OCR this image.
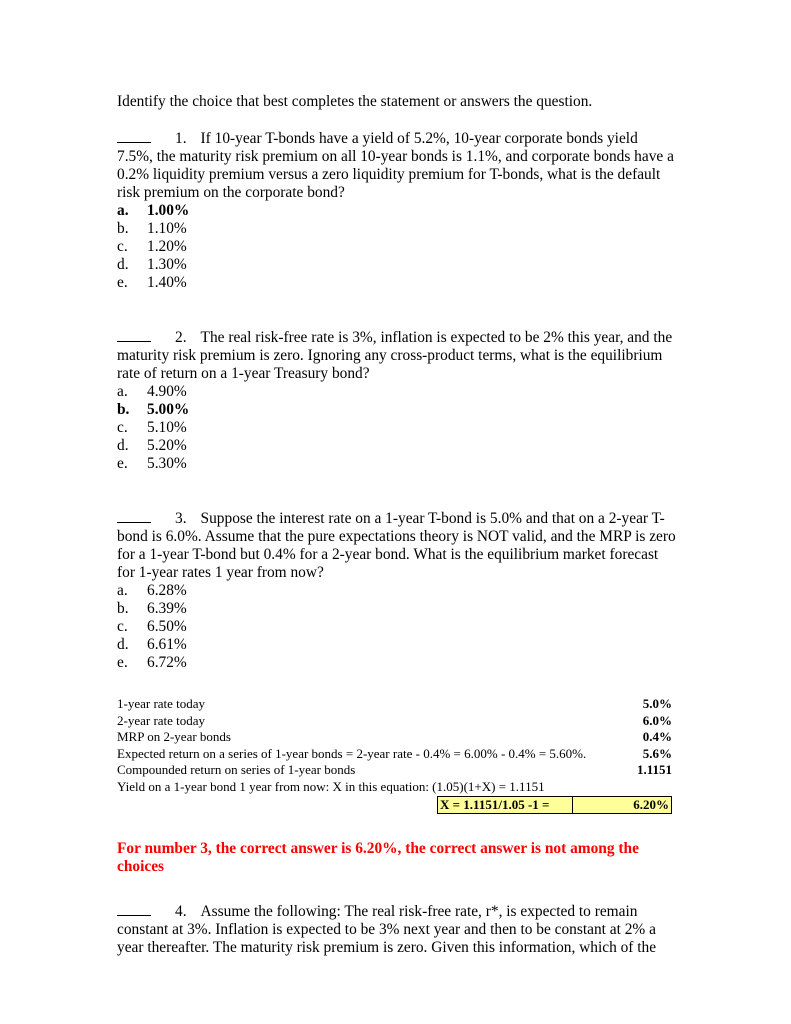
Identify the choice that best completes the statement or answers the question.

1. If 10-year T-bonds have a yield of 5.2%, 10-year corporate bonds yield 7.5%, the maturity risk premium on all 10-year bonds is 1.1%, and corporate bonds have a 0.2% liquidity premium versus a zero liquidity premium for T-bonds, what is the default risk premium on the corporate bond?

a.	1.00%
b.	1.10%
c.	1.20%
d.	1.30%
e.	1.40%

2. The real risk-free rate is 3%, inflation is expected to be 2% this year, and the maturity risk premium is zero. Ignoring any cross-product terms, what is the equilibrium rate of return on a 1-year Treasury bond?

a.	4.90%
b.	5.00%
c.	5.10%
d.	5.20%
e.	5.30%

3. Suppose the interest rate on a 1-year T-bond is 5.0% and that on a 2-year T-bond is 6.0%. Assume that the pure expectations theory is NOT valid, and the MRP is zero for a 1-year T-bond but 0.4% for a 2-year bond. What is the equilibrium market forecast for 1-year rates 1 year from now?

a.	6.28%
b.	6.39%
c.	6.50%
d.	6.61%
e.	6.72%
1-year rate today	5.0%
2-year rate today	6.0%
MRP on 2-year bonds	0.4%
Expected return on a series of 1-year bonds = 2-year rate - 0.4% = 6.00% - 0.4% = 5.60%.	5.6%
Compounded return on series of 1-year bonds	1.1151
Yield on a 1-year bond 1 year from now: X in this equation: (1.05)(1+X) = 1.1151
X = 1.1151/1.05 -1 =	6.20%

For number 3, the correct answer is 6.20%, the correct answer is not among the choices

4. Assume the following: The real risk-free rate, r*, is expected to remain constant at 3%. Inflation is expected to be 3% next year and then to be constant at 2% a year thereafter. The maturity risk premium is zero. Given this information, which of the
